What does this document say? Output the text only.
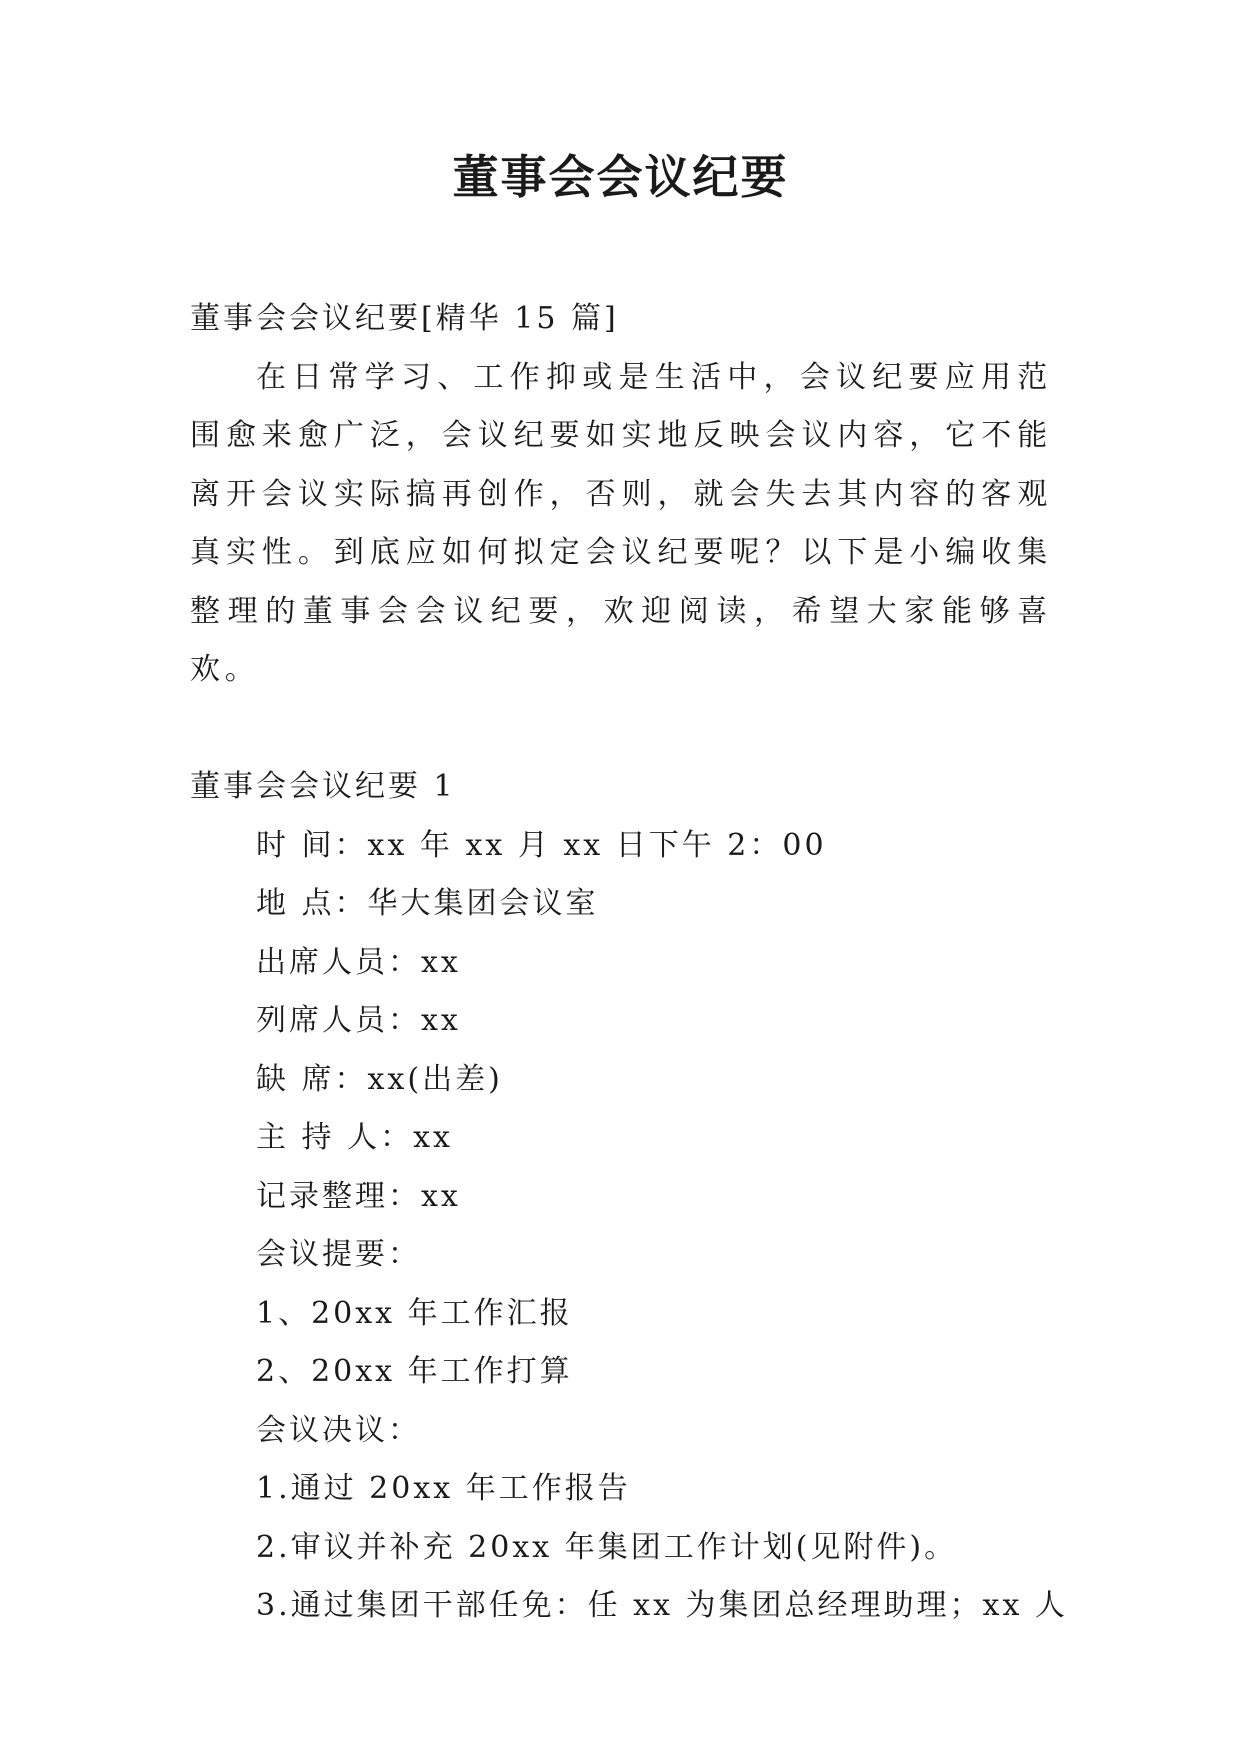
董事会会议纪要

董事会会议纪要[精华 15 篇]

在日常学习、工作抑或是生活中，会议纪要应用范围愈来愈广泛，会议纪要如实地反映会议内容，它不能离开会议实际搞再创作，否则，就会失去其内容的客观真实性。到底应如何拟定会议纪要呢？以下是小编收集整理的董事会会议纪要，欢迎阅读，希望大家能够喜欢。

董事会会议纪要 1

时 间：xx 年 xx 月 xx 日下午 2：00

地 点：华大集团会议室

出席人员：xx

列席人员：xx

缺 席：xx(出差)

主 持 人：xx

记录整理：xx

会议提要：

1、20xx 年工作汇报

2、20xx 年工作打算

会议决议：

1.通过 20xx 年工作报告

2.审议并补充 20xx 年集团工作计划(见附件)。

3.通过集团干部任免：任 xx 为集团总经理助理；xx 人
